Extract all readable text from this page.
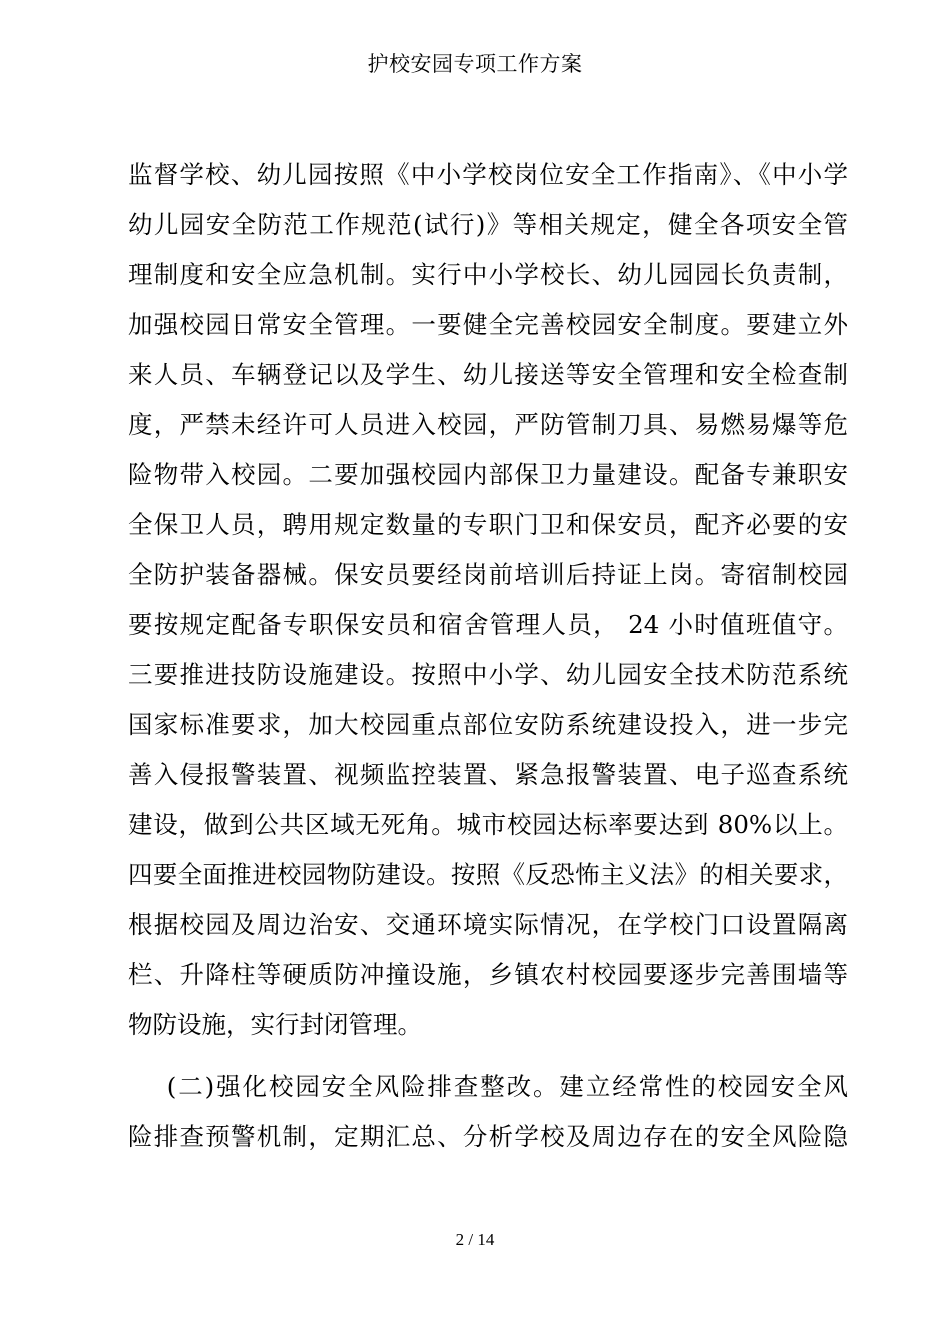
护校安园专项工作方案
监督学校、幼儿园按照《中小学校岗位安全工作指南》、《中小学
幼儿园安全防范工作规范(试行)》等相关规定，健全各项安全管
理制度和安全应急机制。实行中小学校长、幼儿园园长负责制，
加强校园日常安全管理。一要健全完善校园安全制度。要建立外
来人员、车辆登记以及学生、幼儿接送等安全管理和安全检查制
度，严禁未经许可人员进入校园，严防管制刀具、易燃易爆等危
险物带入校园。二要加强校园内部保卫力量建设。配备专兼职安
全保卫人员，聘用规定数量的专职门卫和保安员，配齐必要的安
全防护装备器械。保安员要经岗前培训后持证上岗。寄宿制校园
要按规定配备专职保安员和宿舍管理人员， 24 小时值班值守。
三要推进技防设施建设。按照中小学、幼儿园安全技术防范系统
国家标准要求，加大校园重点部位安防系统建设投入，进一步完
善入侵报警装置、视频监控装置、紧急报警装置、电子巡查系统
建设，做到公共区域无死角。城市校园达标率要达到 80%以上。
四要全面推进校园物防建设。按照《反恐怖主义法》的相关要求，
根据校园及周边治安、交通环境实际情况，在学校门口设置隔离
栏、升降柱等硬质防冲撞设施，乡镇农村校园要逐步完善围墙等
物防设施，实行封闭管理。
(二)强化校园安全风险排查整改。建立经常性的校园安全风
险排查预警机制，定期汇总、分析学校及周边存在的安全风险隐
2 / 14
